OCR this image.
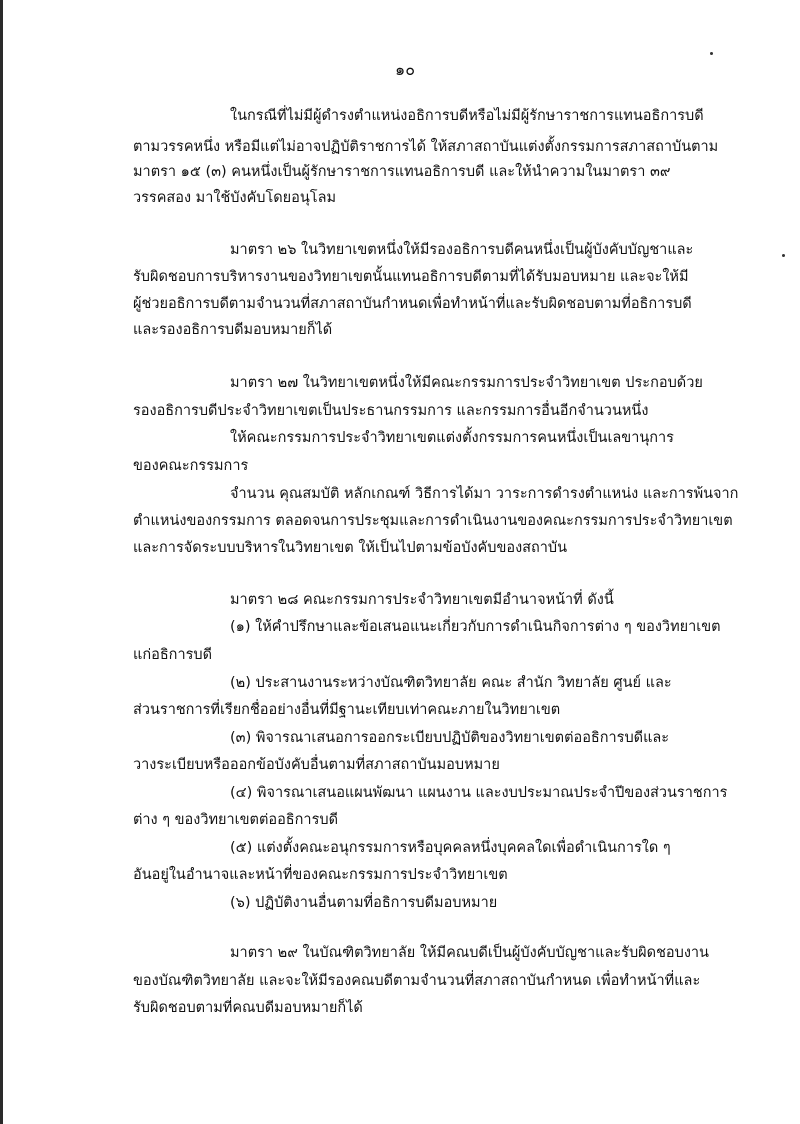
๑๐
ในกรณีที่ไม่มีผู้ดำรงตำแหน่งอธิการบดีหรือไม่มีผู้รักษาราชการแทนอธิการบดี
ตามวรรคหนึ่ง หรือมีแต่ไม่อาจปฏิบัติราชการได้ ให้สภาสถาบันแต่งตั้งกรรมการสภาสถาบันตาม
มาตรา ๑๕ (๓) คนหนึ่งเป็นผู้รักษาราชการแทนอธิการบดี และให้นำความในมาตรา ๓๙
วรรคสอง มาใช้บังคับโดยอนุโลม
มาตรา ๒๖ ในวิทยาเขตหนึ่งให้มีรองอธิการบดีคนหนึ่งเป็นผู้บังคับบัญชาและ
รับผิดชอบการบริหารงานของวิทยาเขตนั้นแทนอธิการบดีตามที่ได้รับมอบหมาย และจะให้มี
ผู้ช่วยอธิการบดีตามจำนวนที่สภาสถาบันกำหนดเพื่อทำหน้าที่และรับผิดชอบตามที่อธิการบดี
และรองอธิการบดีมอบหมายก็ได้
มาตรา ๒๗ ในวิทยาเขตหนึ่งให้มีคณะกรรมการประจำวิทยาเขต ประกอบด้วย
รองอธิการบดีประจำวิทยาเขตเป็นประธานกรรมการ และกรรมการอื่นอีกจำนวนหนึ่ง
ให้คณะกรรมการประจำวิทยาเขตแต่งตั้งกรรมการคนหนึ่งเป็นเลขานุการ
ของคณะกรรมการ
จำนวน คุณสมบัติ หลักเกณฑ์ วิธีการได้มา วาระการดำรงตำแหน่ง และการพ้นจาก
ตำแหน่งของกรรมการ ตลอดจนการประชุมและการดำเนินงานของคณะกรรมการประจำวิทยาเขต
และการจัดระบบบริหารในวิทยาเขต ให้เป็นไปตามข้อบังคับของสถาบัน
มาตรา ๒๘ คณะกรรมการประจำวิทยาเขตมีอำนาจหน้าที่ ดังนี้
(๑) ให้คำปรึกษาและข้อเสนอแนะเกี่ยวกับการดำเนินกิจการต่าง ๆ ของวิทยาเขต
แก่อธิการบดี
(๒) ประสานงานระหว่างบัณฑิตวิทยาลัย คณะ สำนัก วิทยาลัย ศูนย์ และ
ส่วนราชการที่เรียกชื่ออย่างอื่นที่มีฐานะเทียบเท่าคณะภายในวิทยาเขต
(๓) พิจารณาเสนอการออกระเบียบปฏิบัติของวิทยาเขตต่ออธิการบดีและ
วางระเบียบหรือออกข้อบังคับอื่นตามที่สภาสถาบันมอบหมาย
(๔) พิจารณาเสนอแผนพัฒนา แผนงาน และงบประมาณประจำปีของส่วนราชการ
ต่าง ๆ ของวิทยาเขตต่ออธิการบดี
(๕) แต่งตั้งคณะอนุกรรมการหรือบุคคลหนึ่งบุคคลใดเพื่อดำเนินการใด ๆ
อันอยู่ในอำนาจและหน้าที่ของคณะกรรมการประจำวิทยาเขต
(๖) ปฏิบัติงานอื่นตามที่อธิการบดีมอบหมาย
มาตรา ๒๙ ในบัณฑิตวิทยาลัย ให้มีคณบดีเป็นผู้บังคับบัญชาและรับผิดชอบงาน
ของบัณฑิตวิทยาลัย และจะให้มีรองคณบดีตามจำนวนที่สภาสถาบันกำหนด เพื่อทำหน้าที่และ
รับผิดชอบตามที่คณบดีมอบหมายก็ได้
